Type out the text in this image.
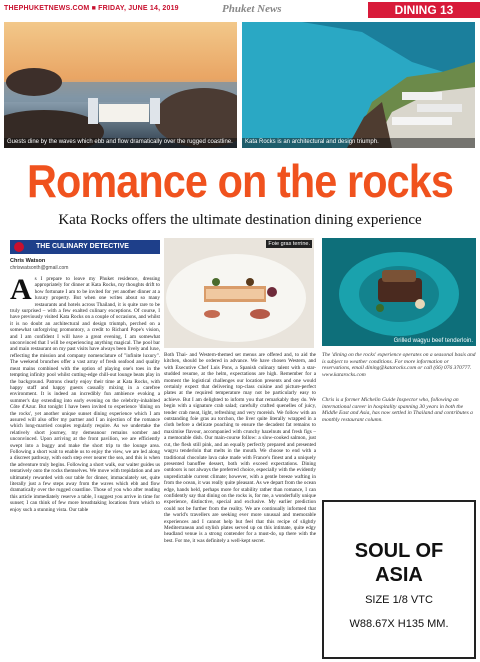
THEPHUKETNEWS.COM ■ FRIDAY, JUNE 14, 2019	Phuket News	DINING 13
Guests dine by the waves which ebb and flow dramatically over the rugged coastline. Kata Rocks is an architectural and design triumph.
Romance on the rocks
Kata Rocks offers the ultimate destination dining experience
THE CULINARY DETECTIVE
Chris Watson
chriswatsonth@gmail.com
As I prepare to leave my Phuket residence, dressing appropriately for dinner at Kata Rocks, my thoughts drift to how fortunate I am to be invited for yet another dinner at a luxury property. But when one writes about so many restaurants and hotels across Thailand, it is quite rare to be truly surprised – with a few exalted culinary exceptions. Of course, I have previously visited Kata Rocks on a couple of occasions, and whilst it is no doubt an architectural and design triumph, perched on a somewhat unforgiving promontory, a credit to Richard Pope's vision, and I am confident I will have a great evening, I am somewhat unconvinced that I will be experiencing anything magical. The pool bar and main restaurant on my past visits have always been lively and luxe, reflecting the mission and company nomenclature of "infinite luxury". The weekend brunches offer a vast array of fresh seafood and quality meat mains combined with the option of playing one's toes in the tempting infinity pool whilst cutting-edge chill-out lounge beats play in the background. Patrons clearly enjoy their time at Kata Rocks, with happy staff and happy guests casually mixing in a carefree environment. It is indeed an incredibly fun ambience evoking a summer's day extending into early evening on the celebrity-inhabited Côte d'Azur. But tonight I have been invited to experience 'dining on the rocks', yet another unique sunset dining experience which I am assured will also offer my partner and I an injection of the romance which long-married couples regularly require. As we undertake the relatively short journey, my demeanour remains somber and unconvinced. Upon arriving at the front pavilion, we are efficiently swept into a buggy and make the short trip to the lounge area. Following a short wait to enable us to enjoy the view, we are led along a discreet pathway, with each step ever nearer the sea, and this is when the adventure truly begins. Following a short walk, our waiter guides us tentatively onto the rocks themselves. We move with trepidation and are ultimately rewarded with our table for dinner, immaculately set, quite literally just a few steps away from the waves which ebb and flow dramatically over the rugged coastline. Those of you who after reading this article immediately reserve a table, I suggest you arrive in time for sunset; I can think of few more breathtaking locations from which to enjoy such a stunning vista. Our table
Foie gras terrine.
Both Thai- and Western-themed set menus are offered and, to aid the kitchen, should be ordered in advance. We have chosen Western, and with Executive Chef Luis Pons, a Spanish culinary talent with a star-studded resume, at the helm, expectations are high. Remember for a moment the logistical challenges our location presents and one would certainly expect that delivering top-class cuisine and picture-perfect plates at the required temperature may not be particularly easy to achieve. But I am delighted to inform you that remarkably they do. We begin with a signature crab salad; carefully crafted quenelles of juicy, tender crab meat, light, refreshing and very moreish. We follow with an outstanding foie gras au torchon, the liver quite literally wrapped in a cloth before a delicate poaching to ensure the decadent fat remains to maximise flavour, accompanied with crunchy hazelnuts and fresh figs – a memorable dish. Our main-course follow: a slow-cooked salmon, just cut, the flesh still pink, and an equally perfectly prepared and presented wagyu tenderloin that melts in the mouth. We choose to end with a traditional chocolate lava cake made with France's finest and a uniquely presented banoffee dessert, both with exceed expectations. Dining outdoors is not always the preferred choice, especially with the evidently unpredictable current climate; however, with a gentle breeze wafting in from the ocean, it was really quite pleasant. As we depart from the ocean edge, hands held, perhaps more for stability rather than romance, I can confidently say that dining on the rocks is, for me, a wonderfully unique experience, distinctive, special and exclusive. My earlier prediction could not be further from the reality. We are continually informed that the world's travellers are seeking ever more unusual and memorable experiences and I cannot help but feel that this recipe of slightly Mediterranean and stylish plates served up on this intimate, quite edgy headland venue is a strong contender for a must-do, up there with the best. For me, it was definitely a well-kept secret.
Grilled wagyu beef tenderloin.
The 'dining on the rocks' experience operates on a seasonal basis and is subject to weather conditions. For more information or reservations, email dining@katarocks.com or call (66) 076 370777. www.katarocks.com
Chris is a former Michelin Guide Inspector who, following an international career in hospitality spanning 30 years in both the Middle East and Asia, has now settled in Thailand and contributes a monthly restaurant column.
SOUL OF
ASIA
SIZE 1/8 VTC
W88.67X H135 MM.
